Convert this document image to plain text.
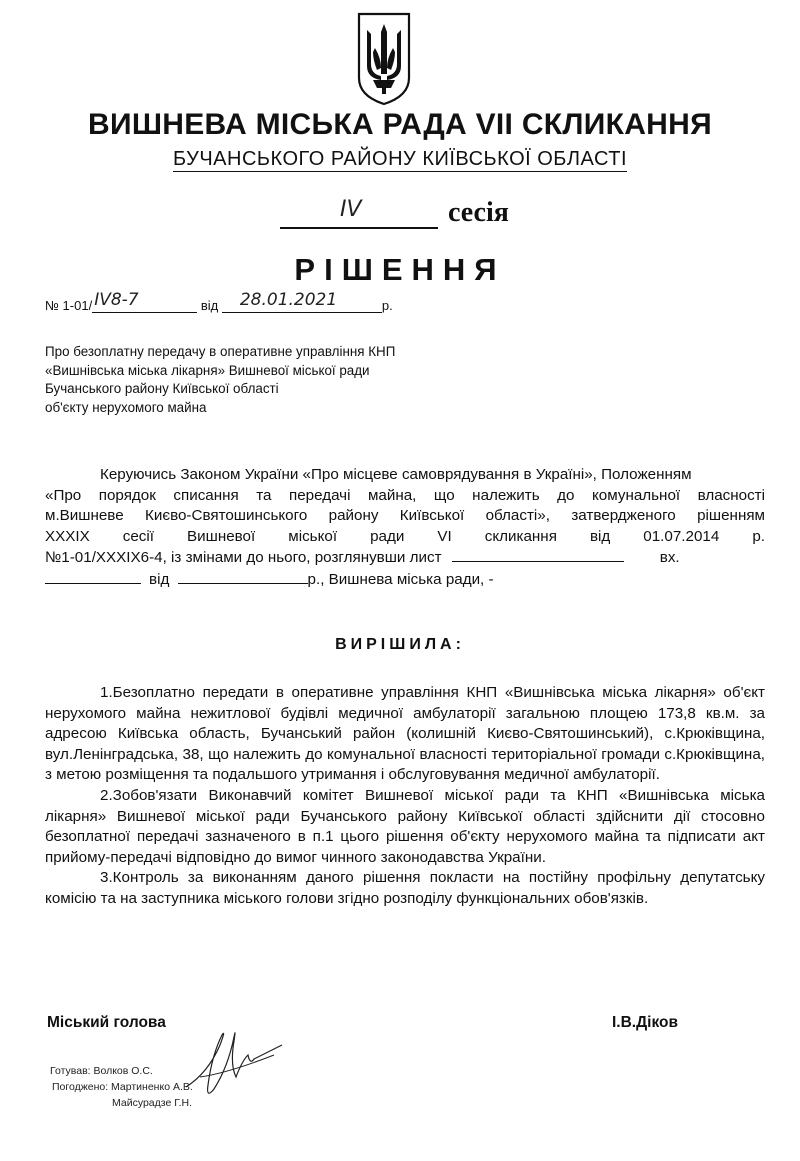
ВИШНЕВА МІСЬКА РАДА VII СКЛИКАННЯ
БУЧАНСЬКОГО РАЙОНУ КИЇВСЬКОЇ ОБЛАСТІ
IV	сесія
РІШЕННЯ
№ 1-01/ IV8-7	від 28.01.2021	р.
Про безоплатну передачу в оперативне управління КНП
«Вишнівська міська лікарня» Вишневої міської ради
Бучанського району Київської області
об'єкту нерухомого майна
Керуючись Законом України «Про місцеве самоврядування в Україні», Положенням
«Про порядок списання та передачі майна, що належить до комунальної власності
м.Вишневе Києво-Святошинського району Київської області», затвердженого рішенням
XXXIX сесії Вишневої міської ради VI скликання від 01.07.2014 р.
№1-01/XXXIX6-4, із змінами до нього, розглянувши лист	вх.
від	р., Вишнева міська ради, -
ВИРІШИЛА:

1.Безоплатно передати в оперативне управління КНП «Вишнівська міська лікарня» об'єкт нерухомого майна нежитлової будівлі медичної амбулаторії загальною площею 173,8 кв.м. за адресою Київська область, Бучанський район (колишній Києво-Святошинський), с.Крюківщина, вул.Ленінградська, 38, що належить до комунальної власності територіальної громади с.Крюківщина, з метою розміщення та подальшого утримання і обслуговування медичної амбулаторії.

2.Зобов'язати Виконавчий комітет Вишневої міської ради та КНП «Вишнівська міська лікарня» Вишневої міської ради Бучанського району Київської області здійснити дії стосовно безоплатної передачі зазначеного в п.1 цього рішення об'єкту нерухомого майна та підписати акт прийому-передачі відповідно до вимог чинного законодавства України.

3.Контроль за виконанням даного рішення покласти на постійну профільну депутатську комісію та на заступника міського голови згідно розподілу функціональних обов'язків.

Міський голова	І.В.Діков
Готував: Волков О.С.
Погоджено: Мартиненко А.В.
Майсурадзе Г.Н.
